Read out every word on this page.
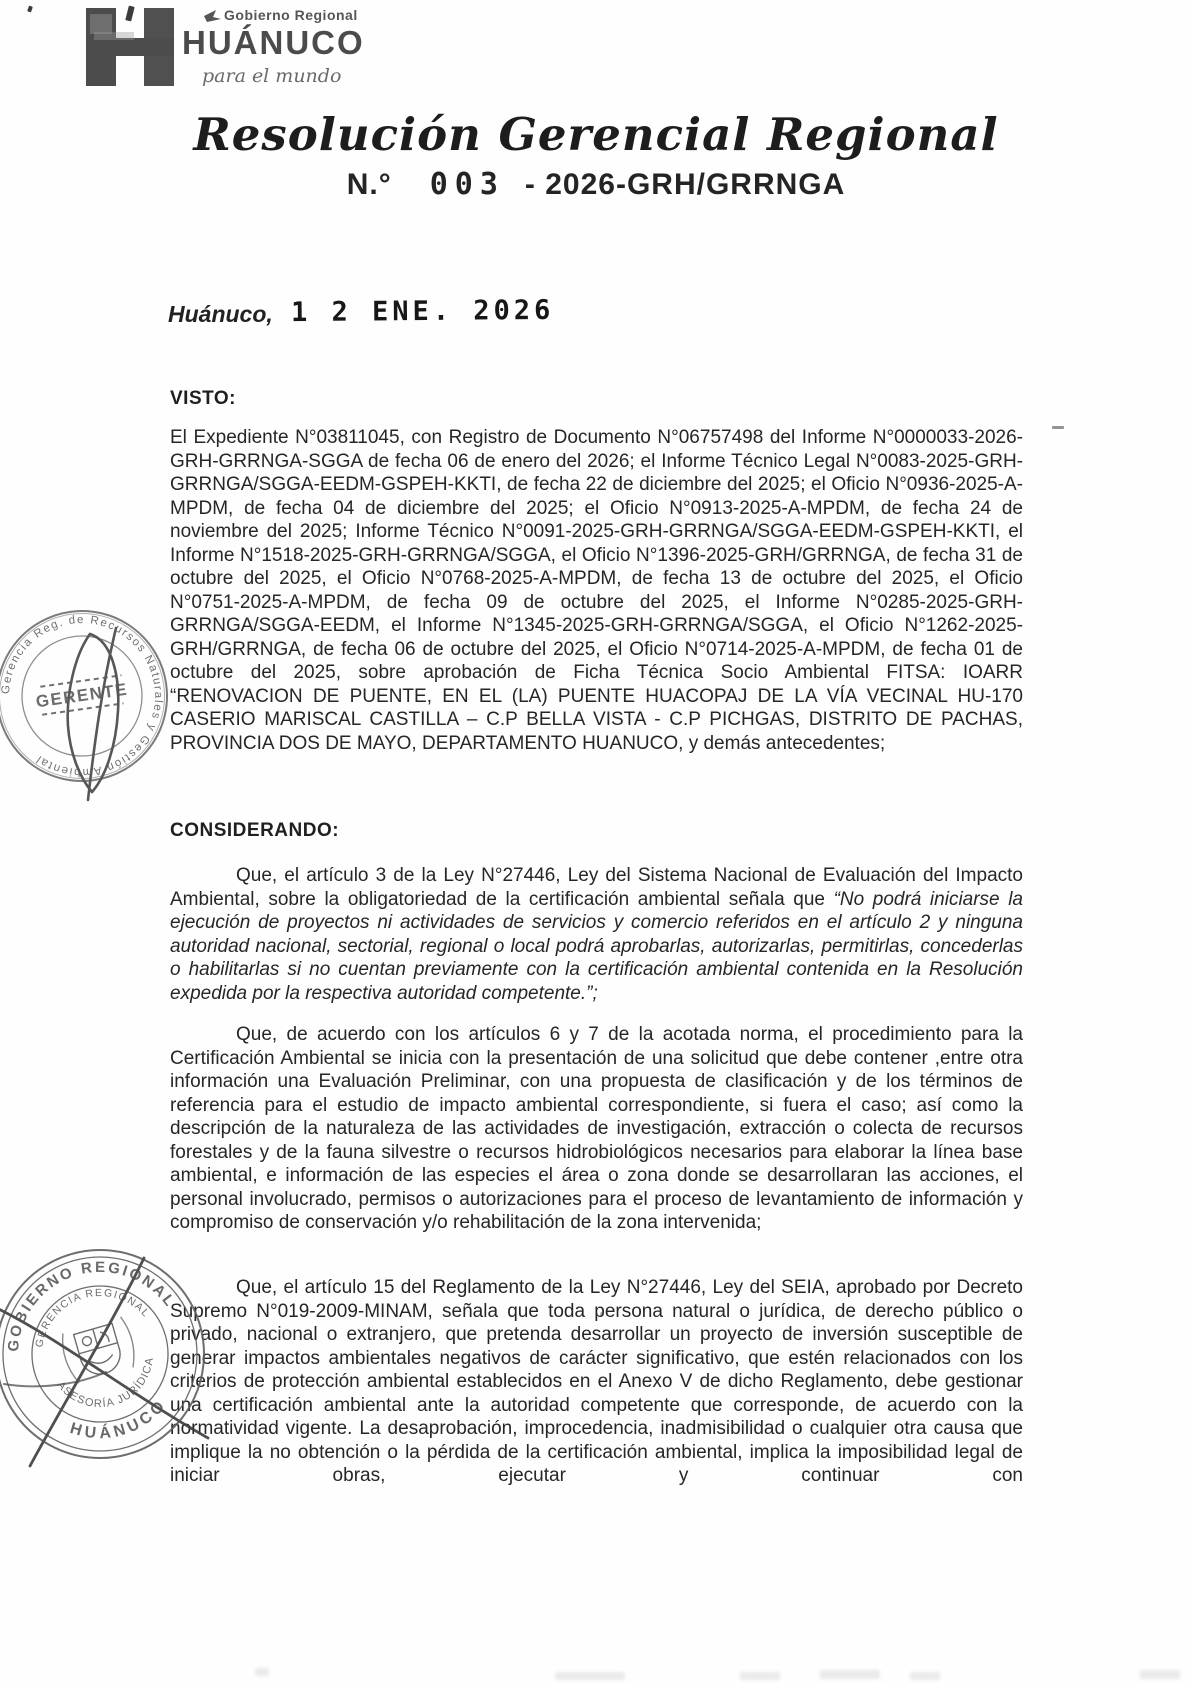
Gobierno Regional
HUÁNUCO
para el mundo
Resolución Gerencial Regional
N.° 003 - 2026-GRH/GRRNGA
Huánuco, 1 2 ENE. 2026
VISTO:
El Expediente N°03811045, con Registro de Documento N°06757498 del Informe N°0000033-2026-GRH-GRRNGA-SGGA de fecha 06 de enero del 2026; el Informe Técnico Legal N°0083-2025-GRH-GRRNGA/SGGA-EEDM-GSPEH-KKTI, de fecha 22 de diciembre del 2025; el Oficio N°0936-2025-A-MPDM, de fecha 04 de diciembre del 2025; el Oficio N°0913-2025-A-MPDM, de fecha 24 de noviembre del 2025; Informe Técnico N°0091-2025-GRH-GRRNGA/SGGA-EEDM-GSPEH-KKTI, el Informe N°1518-2025-GRH-GRRNGA/SGGA, el Oficio N°1396-2025-GRH/GRRNGA, de fecha 31 de octubre del 2025, el Oficio N°0768-2025-A-MPDM, de fecha 13 de octubre del 2025, el Oficio N°0751-2025-A-MPDM, de fecha 09 de octubre del 2025, el Informe N°0285-2025-GRH-GRRNGA/SGGA-EEDM, el Informe N°1345-2025-GRH-GRRNGA/SGGA, el Oficio N°1262-2025-GRH/GRRNGA, de fecha 06 de octubre del 2025, el Oficio N°0714-2025-A-MPDM, de fecha 01 de octubre del 2025, sobre aprobación de Ficha Técnica Socio Ambiental FITSA: IOARR “RENOVACION DE PUENTE, EN EL (LA) PUENTE HUACOPAJ DE LA VÍA VECINAL HU-170 CASERIO MARISCAL CASTILLA – C.P BELLA VISTA - C.P PICHGAS, DISTRITO DE PACHAS, PROVINCIA DOS DE MAYO, DEPARTAMENTO HUANUCO, y demás antecedentes;
CONSIDERANDO:
Que, el artículo 3 de la Ley N°27446, Ley del Sistema Nacional de Evaluación del Impacto Ambiental, sobre la obligatoriedad de la certificación ambiental señala que “No podrá iniciarse la ejecución de proyectos ni actividades de servicios y comercio referidos en el artículo 2 y ninguna autoridad nacional, sectorial, regional o local podrá aprobarlas, autorizarlas, permitirlas, concederlas o habilitarlas si no cuentan previamente con la certificación ambiental contenida en la Resolución expedida por la respectiva autoridad competente.”;
Que, de acuerdo con los artículos 6 y 7 de la acotada norma, el procedimiento para la Certificación Ambiental se inicia con la presentación de una solicitud que debe contener ,entre otra información una Evaluación Preliminar, con una propuesta de clasificación y de los términos de referencia para el estudio de impacto ambiental correspondiente, si fuera el caso; así como la descripción de la naturaleza de las actividades de investigación, extracción o colecta de recursos forestales y de la fauna silvestre o recursos hidrobiológicos necesarios para elaborar la línea base ambiental, e información de las especies el área o zona donde se desarrollaran las acciones, el personal involucrado, permisos o autorizaciones para el proceso de levantamiento de información y compromiso de conservación y/o rehabilitación de la zona intervenida;
Que, el artículo 15 del Reglamento de la Ley N°27446, Ley del SEIA, aprobado por Decreto Supremo N°019-2009-MINAM, señala que toda persona natural o jurídica, de derecho público o privado, nacional o extranjero, que pretenda desarrollar un proyecto de inversión susceptible de generar impactos ambientales negativos de carácter significativo, que estén relacionados con los criterios de protección ambiental establecidos en el Anexo V de dicho Reglamento, debe gestionar una certificación ambiental ante la autoridad competente que corresponde, de acuerdo con la normatividad vigente. La desaprobación, improcedencia, inadmisibilidad o cualquier otra causa que implique la no obtención o la pérdida de la certificación ambiental, implica la imposibilidad legal de iniciar obras, ejecutar y continuar con
Gerencia Reg. de Recursos Naturales y Gestión Ambiental
GERENTE
GOBIERNO REGIONAL
GERENCIA REGIONAL
ASESORÍA JURÍDICA
HUÁNUCO
